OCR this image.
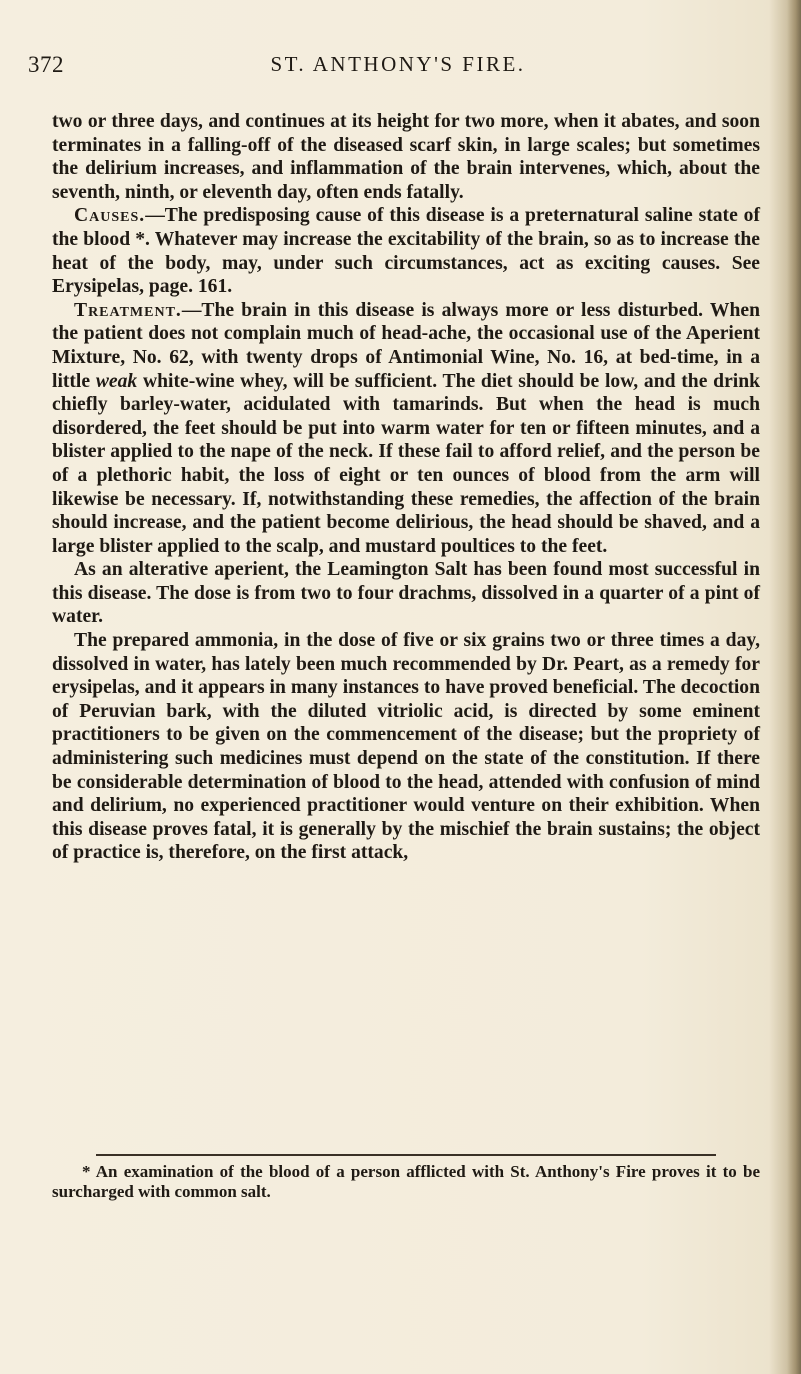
372	ST. ANTHONY'S FIRE.

two or three days, and continues at its height for two more, when it abates, and soon terminates in a falling-off of the diseased scarf skin, in large scales; but sometimes the delirium increases, and inflammation of the brain intervenes, which, about the seventh, ninth, or eleventh day, often ends fatally.

Causes.—The predisposing cause of this disease is a preternatural saline state of the blood *. Whatever may increase the excitability of the brain, so as to increase the heat of the body, may, under such circumstances, act as exciting causes. See Erysipelas, page. 161.

Treatment.—The brain in this disease is always more or less disturbed. When the patient does not complain much of head-ache, the occasional use of the Aperient Mixture, No. 62, with twenty drops of Antimonial Wine, No. 16, at bed-time, in a little weak white-wine whey, will be sufficient. The diet should be low, and the drink chiefly barley-water, acidulated with tamarinds. But when the head is much disordered, the feet should be put into warm water for ten or fifteen minutes, and a blister applied to the nape of the neck. If these fail to afford relief, and the person be of a plethoric habit, the loss of eight or ten ounces of blood from the arm will likewise be necessary. If, notwithstanding these remedies, the affection of the brain should increase, and the patient become delirious, the head should be shaved, and a large blister applied to the scalp, and mustard poultices to the feet.

As an alterative aperient, the Leamington Salt has been found most successful in this disease. The dose is from two to four drachms, dissolved in a quarter of a pint of water.

The prepared ammonia, in the dose of five or six grains two or three times a day, dissolved in water, has lately been much recommended by Dr. Peart, as a remedy for erysipelas, and it appears in many instances to have proved beneficial. The decoction of Peruvian bark, with the diluted vitriolic acid, is directed by some eminent practitioners to be given on the commencement of the disease; but the propriety of administering such medicines must depend on the state of the constitution. If there be considerable determination of blood to the head, attended with confusion of mind and delirium, no experienced practitioner would venture on their exhibition. When this disease proves fatal, it is generally by the mischief the brain sustains; the object of practice is, therefore, on the first attack,

* An examination of the blood of a person afflicted with St. Anthony's Fire proves it to be surcharged with common salt.
